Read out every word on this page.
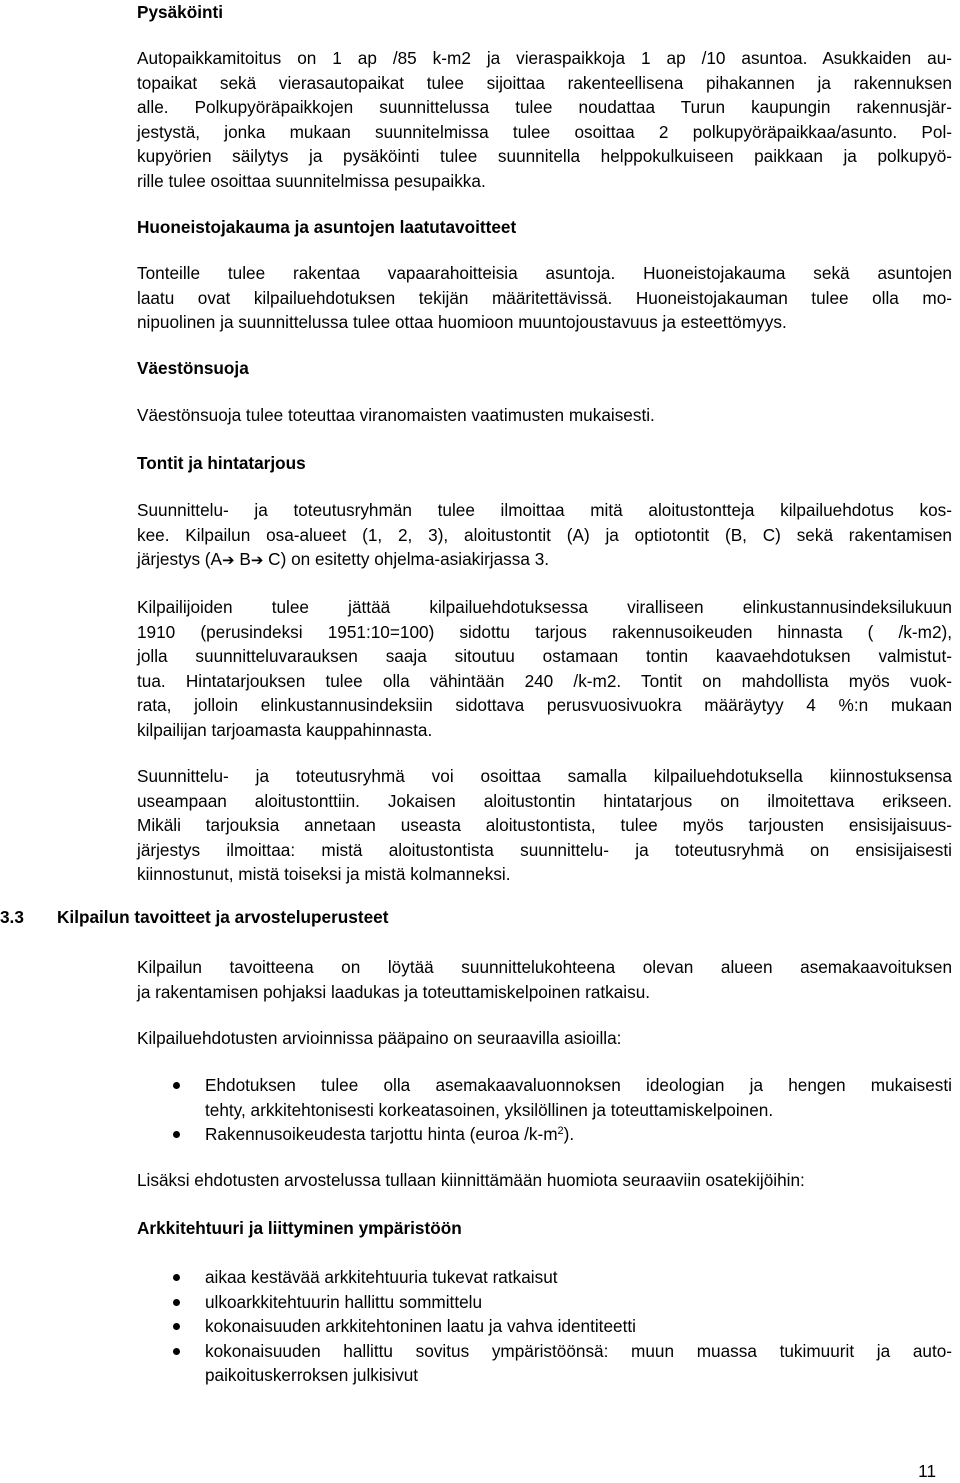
Pysäköinti

Autopaikkamitoitus on 1 ap /85 k-m2 ja vieraspaikkoja 1 ap /10 asuntoa. Asukkaiden au-
topaikat sekä vierasautopaikat tulee sijoittaa rakenteellisena pihakannen ja rakennuksen
alle. Polkupyöräpaikkojen suunnittelussa tulee noudattaa Turun kaupungin rakennusjär-
jestystä, jonka mukaan suunnitelmissa tulee osoittaa 2 polkupyöräpaikkaa/asunto. Pol-
kupyörien säilytys ja pysäköinti tulee suunnitella helppokulkuiseen paikkaan ja polkupyö-
rille tulee osoittaa suunnitelmissa pesupaikka.

Huoneistojakauma ja asuntojen laatutavoitteet

Tonteille tulee rakentaa vapaarahoitteisia asuntoja. Huoneistojakauma sekä asuntojen
laatu ovat kilpailuehdotuksen tekijän määritettävissä. Huoneistojakauman tulee olla mo-
nipuolinen ja suunnittelussa tulee ottaa huomioon muuntojoustavuus ja esteettömyys.

Väestönsuoja

Väestönsuoja tulee toteuttaa viranomaisten vaatimusten mukaisesti.

Tontit ja hintatarjous

Suunnittelu- ja toteutusryhmän tulee ilmoittaa mitä aloitustontteja kilpailuehdotus kos-
kee. Kilpailun osa-alueet (1, 2, 3), aloitustontit (A) ja optiotontit (B, C) sekä rakentamisen
järjestys (A➔ B➔ C) on esitetty ohjelma-asiakirjassa 3.
Kilpailijoiden tulee jättää kilpailuehdotuksessa viralliseen elinkustannusindeksilukuun
1910 (perusindeksi 1951:10=100) sidottu tarjous rakennusoikeuden hinnasta ( /k-m2),
jolla suunnitteluvarauksen saaja sitoutuu ostamaan tontin kaavaehdotuksen valmistut-
tua. Hintatarjouksen tulee olla vähintään 240 /k-m2. Tontit on mahdollista myös vuok-
rata, jolloin elinkustannusindeksiin sidottava perusvuosivuokra määräytyy 4 %:n mukaan
kilpailijan tarjoamasta kauppahinnasta.
Suunnittelu- ja toteutusryhmä voi osoittaa samalla kilpailuehdotuksella kiinnostuksensa
useampaan aloitustonttiin. Jokaisen aloitustontin hintatarjous on ilmoitettava erikseen.
Mikäli tarjouksia annetaan useasta aloitustontista, tulee myös tarjousten ensisijaisuus-
järjestys ilmoittaa: mistä aloitustontista suunnittelu- ja toteutusryhmä on ensisijaisesti
kiinnostunut, mistä toiseksi ja mistä kolmanneksi.

3.3 Kilpailun tavoitteet ja arvosteluperusteet

Kilpailun tavoitteena on löytää suunnittelukohteena olevan alueen asemakaavoituksen
ja rakentamisen pohjaksi laadukas ja toteuttamiskelpoinen ratkaisu.
Kilpailuehdotusten arvioinnissa pääpaino on seuraavilla asioilla:
Ehdotuksen tulee olla asemakaavaluonnoksen ideologian ja hengen mukaisesti
tehty, arkkitehtonisesti korkeatasoinen, yksilöllinen ja toteuttamiskelpoinen.
Rakennusoikeudesta tarjottu hinta (euroa $/k-m^2$).
Lisäksi ehdotusten arvostelussa tullaan kiinnittämään huomiota seuraaviin osatekijöihin:

Arkkitehtuuri ja liittyminen ympäristöön

aikaa kestävää arkkitehtuuria tukevat ratkaisut
ulkoarkkitehtuurin hallittu sommittelu
kokonaisuuden arkkitehtoninen laatu ja vahva identiteetti
kokonaisuuden hallittu sovitus ympäristöönsä: muun muassa tukimuurit ja auto-
paikoituskerroksen julkisivut

11
